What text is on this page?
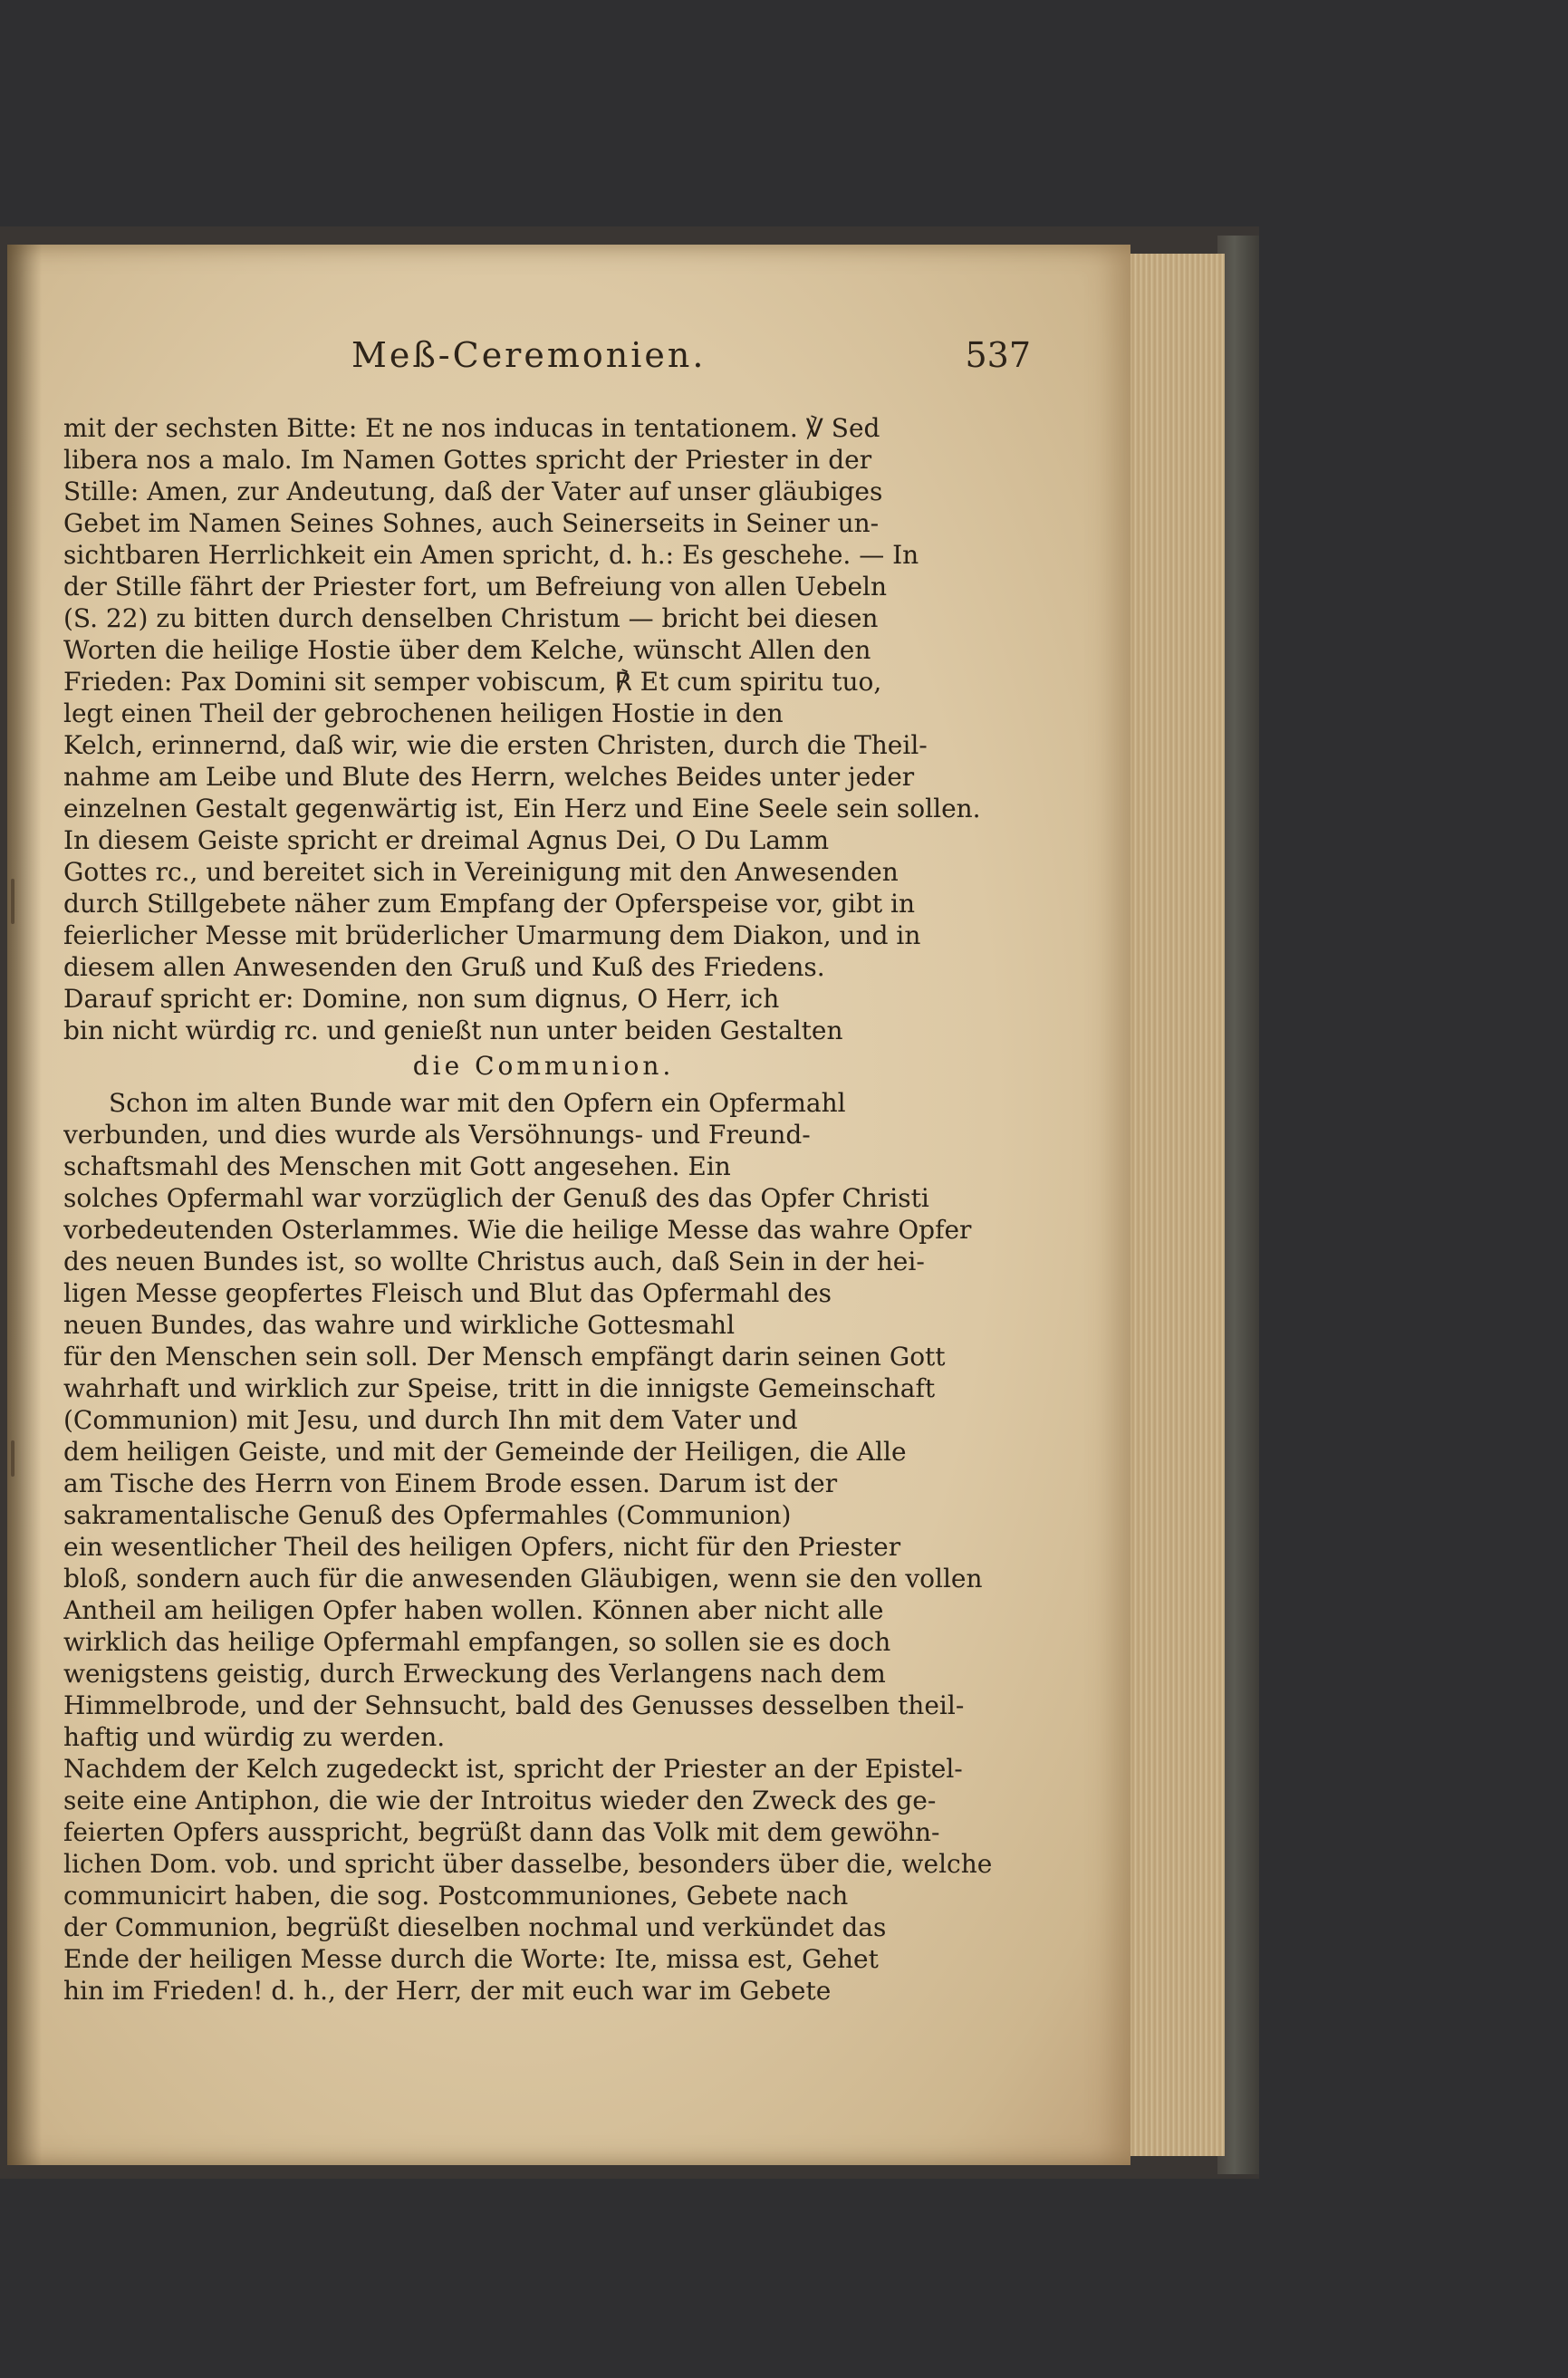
Meß-Ceremonien.	537
mit der sechsten Bitte: Et ne nos inducas in tentationem. ℣ Sed
libera nos a malo. Im Namen Gottes spricht der Priester in der
Stille: Amen, zur Andeutung, daß der Vater auf unser gläubiges
Gebet im Namen Seines Sohnes, auch Seinerseits in Seiner un-
sichtbaren Herrlichkeit ein Amen spricht, d. h.: Es geschehe. — In
der Stille fährt der Priester fort, um Befreiung von allen Uebeln
(S. 22) zu bitten durch denselben Christum — bricht bei diesen
Worten die heilige Hostie über dem Kelche, wünscht Allen den
Frieden: Pax Domini sit semper vobiscum, ℟ Et cum spiritu tuo,
legt einen Theil der gebrochenen heiligen Hostie in den
Kelch, erinnernd, daß wir, wie die ersten Christen, durch die Theil-
nahme am Leibe und Blute des Herrn, welches Beides unter jeder
einzelnen Gestalt gegenwärtig ist, Ein Herz und Eine Seele sein sollen.
In diesem Geiste spricht er dreimal Agnus Dei, O Du Lamm
Gottes rc., und bereitet sich in Vereinigung mit den Anwesenden
durch Stillgebete näher zum Empfang der Opferspeise vor, gibt in
feierlicher Messe mit brüderlicher Umarmung dem Diakon, und in
diesem allen Anwesenden den Gruß und Kuß des Friedens.
Darauf spricht er: Domine, non sum dignus, O Herr, ich
bin nicht würdig rc. und genießt nun unter beiden Gestalten
die Communion.
Schon im alten Bunde war mit den Opfern ein Opfermahl
verbunden, und dies wurde als Versöhnungs- und Freund-
schaftsmahl des Menschen mit Gott angesehen. Ein
solches Opfermahl war vorzüglich der Genuß des das Opfer Christi
vorbedeutenden Osterlammes. Wie die heilige Messe das wahre Opfer
des neuen Bundes ist, so wollte Christus auch, daß Sein in der hei-
ligen Messe geopfertes Fleisch und Blut das Opfermahl des
neuen Bundes, das wahre und wirkliche Gottesmahl
für den Menschen sein soll. Der Mensch empfängt darin seinen Gott
wahrhaft und wirklich zur Speise, tritt in die innigste Gemeinschaft
(Communion) mit Jesu, und durch Ihn mit dem Vater und
dem heiligen Geiste, und mit der Gemeinde der Heiligen, die Alle
am Tische des Herrn von Einem Brode essen. Darum ist der
sakramentalische Genuß des Opfermahles (Communion)
ein wesentlicher Theil des heiligen Opfers, nicht für den Priester
bloß, sondern auch für die anwesenden Gläubigen, wenn sie den vollen
Antheil am heiligen Opfer haben wollen. Können aber nicht alle
wirklich das heilige Opfermahl empfangen, so sollen sie es doch
wenigstens geistig, durch Erweckung des Verlangens nach dem
Himmelbrode, und der Sehnsucht, bald des Genusses desselben theil-
haftig und würdig zu werden.
Nachdem der Kelch zugedeckt ist, spricht der Priester an der Epistel-
seite eine Antiphon, die wie der Introitus wieder den Zweck des ge-
feierten Opfers ausspricht, begrüßt dann das Volk mit dem gewöhn-
lichen Dom. vob. und spricht über dasselbe, besonders über die, welche
communicirt haben, die sog. Postcommuniones, Gebete nach
der Communion, begrüßt dieselben nochmal und verkündet das
Ende der heiligen Messe durch die Worte: Ite, missa est, Gehet
hin im Frieden! d. h., der Herr, der mit euch war im Gebete
